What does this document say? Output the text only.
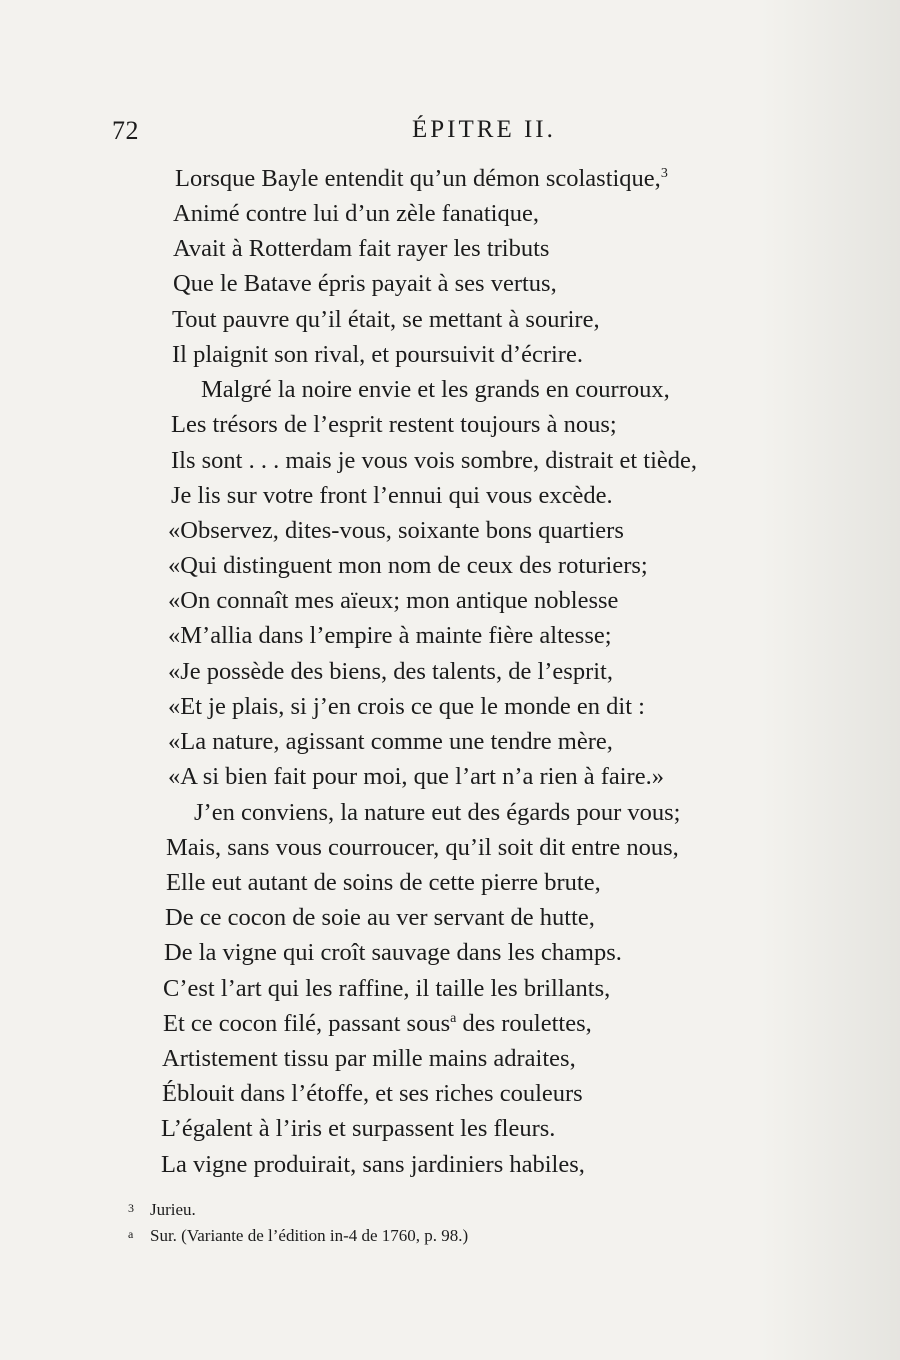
72	ÉPITRE II.
Lorsque Bayle entendit qu’un démon scolastique,$^3$
Animé contre lui d’un zèle fanatique,
Avait à Rotterdam fait rayer les tributs
Que le Batave épris payait à ses vertus,
Tout pauvre qu’il était, se mettant à sourire,
Il plaignit son rival, et poursuivit d’écrire.
Malgré la noire envie et les grands en courroux,
Les trésors de l’esprit restent toujours à nous;
Ils sont . . . mais je vous vois sombre, distrait et tiède,
Je lis sur votre front l’ennui qui vous excède.
«Observez, dites-vous, soixante bons quartiers
«Qui distinguent mon nom de ceux des roturiers;
«On connaît mes aïeux; mon antique noblesse
«M’allia dans l’empire à mainte fière altesse;
«Je possède des biens, des talents, de l’esprit,
«Et je plais, si j’en crois ce que le monde en dit :
«La nature, agissant comme une tendre mère,
«A si bien fait pour moi, que l’art n’a rien à faire.»
J’en conviens, la nature eut des égards pour vous;
Mais, sans vous courroucer, qu’il soit dit entre nous,
Elle eut autant de soins de cette pierre brute,
De ce cocon de soie au ver servant de hutte,
De la vigne qui croît sauvage dans les champs.
C’est l’art qui les raffine, il taille les brillants,
Et ce cocon filé, passant sous$^a$ des roulettes,
Artistement tissu par mille mains adraites,
Éblouit dans l’étoffe, et ses riches couleurs
L’égalent à l’iris et surpassent les fleurs.
La vigne produirait, sans jardiniers habiles,
3 Jurieu.
a Sur. (Variante de l’édition in-4 de 1760, p. 98.)
